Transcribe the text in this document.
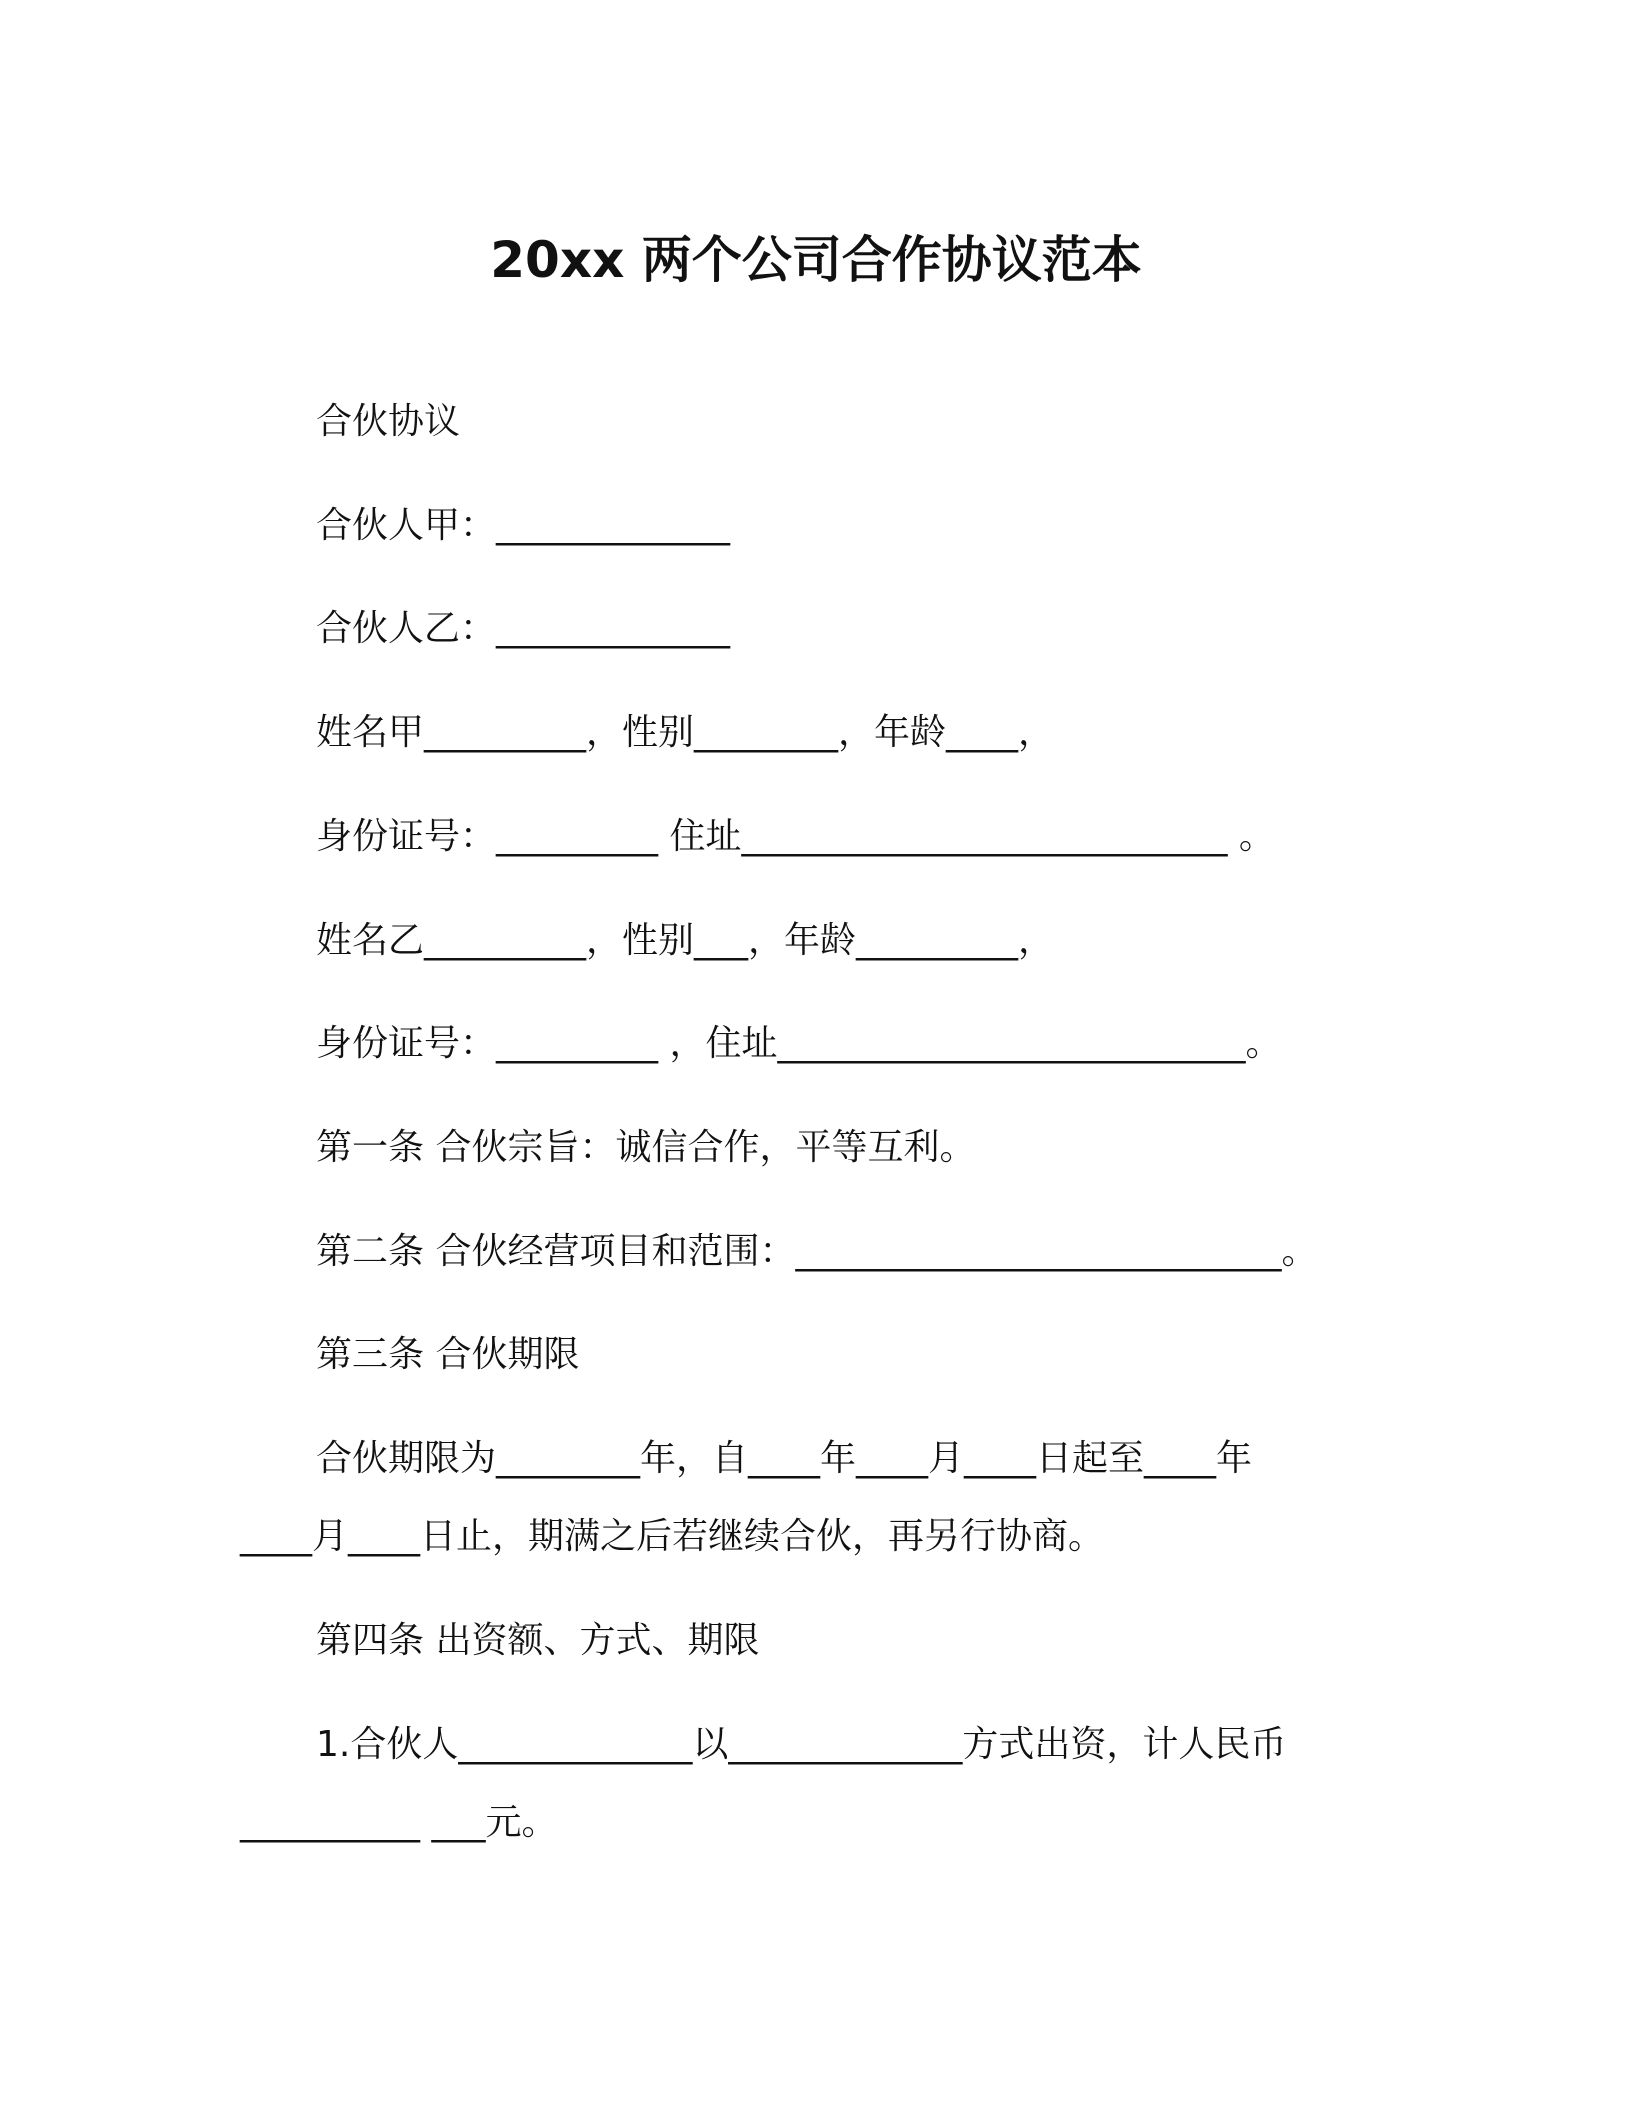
20xx 两个公司合作协议范本
合伙协议
合伙人甲：_____________
合伙人乙：_____________
姓名甲_________，性别________，年龄____，
身份证号：_________ 住址___________________________ 。
姓名乙_________，性别___，年龄_________，
身份证号：_________ ，住址__________________________。
第一条 合伙宗旨：诚信合作，平等互利。
第二条 合伙经营项目和范围：___________________________。
第三条 合伙期限
合伙期限为________年，自____年____月____日起至____年
____月____日止，期满之后若继续合伙，再另行协商。
第四条 出资额、方式、期限
1.合伙人_____________以_____________方式出资，计人民币
__________ ___元。
